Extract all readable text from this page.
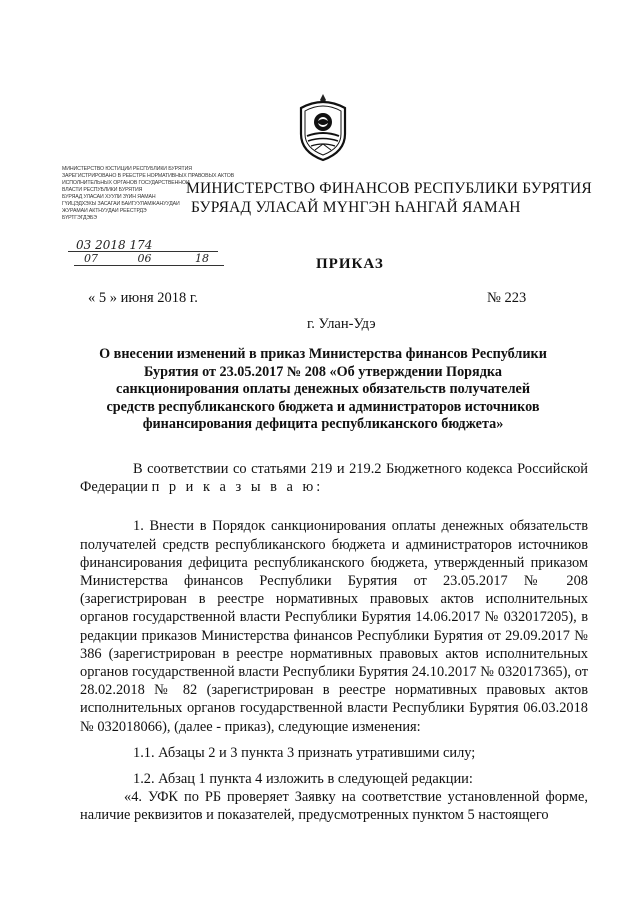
МИНИСТЕРСТВО ЮСТИЦИИ РЕСПУБЛИКИ БУРЯТИЯ
ЗАРЕГИСТРИРОВАНО В РЕЕСТРЕ НОРМАТИВНЫХ ПРАВОВЫХ АКТОВ
ИСПОЛНИТЕЛЬНЫХ ОРГАНОВ ГОСУДАРСТВЕННОЙ
ВЛАСТИ РЕСПУБЛИКИ БУРЯТИЯ
БУРЯАД УЛАСАЙ ХУУЛИ ЗҮЙН ЯАМАН
ГҮЙЦЭДХЭХЫ ЗАСАГАЙ БАЙГУУЛАМЖАНУУДАЙ
ЖУРАМАЙ АКТНУУДАЙ РЕЕСТРДЭ
БҮРТГЭГДЭБЭ
03 2018 174
07	06	18
МИНИСТЕРСТВО ФИНАНСОВ РЕСПУБЛИКИ БУРЯТИЯ
БУРЯАД УЛАСАЙ МҮНГЭН ҺАНГАЙ ЯАМАН
ПРИКАЗ
« 5 » июня 2018 г.	№ 223
г. Улан-Удэ
О внесении изменений в приказ Министерства финансов Республики Бурятия от 23.05.2017 № 208 «Об утверждении Порядка санкционирования оплаты денежных обязательств получателей средств республиканского бюджета и администраторов источников финансирования дефицита республиканского бюджета»

В соответствии со статьями 219 и 219.2 Бюджетного кодекса Российской Федерации п р и к а з ы в а ю:

1. Внести в Порядок санкционирования оплаты денежных обязательств получателей средств республиканского бюджета и администраторов источников финансирования дефицита республиканского бюджета, утвержденный приказом Министерства финансов Республики Бурятия от 23.05.2017 № 208 (зарегистрирован в реестре нормативных правовых актов исполнительных органов государственной власти Республики Бурятия 14.06.2017 № 032017205), в редакции приказов Министерства финансов Республики Бурятия от 29.09.2017 № 386 (зарегистрирован в реестре нормативных правовых актов исполнительных органов государственной власти Республики Бурятия 24.10.2017 № 032017365), от 28.02.2018 № 82 (зарегистрирован в реестре нормативных правовых актов исполнительных органов государственной власти Республики Бурятия 06.03.2018 № 032018066), (далее - приказ), следующие изменения:

1.1. Абзацы 2 и 3 пункта 3 признать утратившими силу;

1.2. Абзац 1 пункта 4 изложить в следующей редакции:

«4. УФК по РБ проверяет Заявку на соответствие установленной форме, наличие реквизитов и показателей, предусмотренных пунктом 5 настоящего
